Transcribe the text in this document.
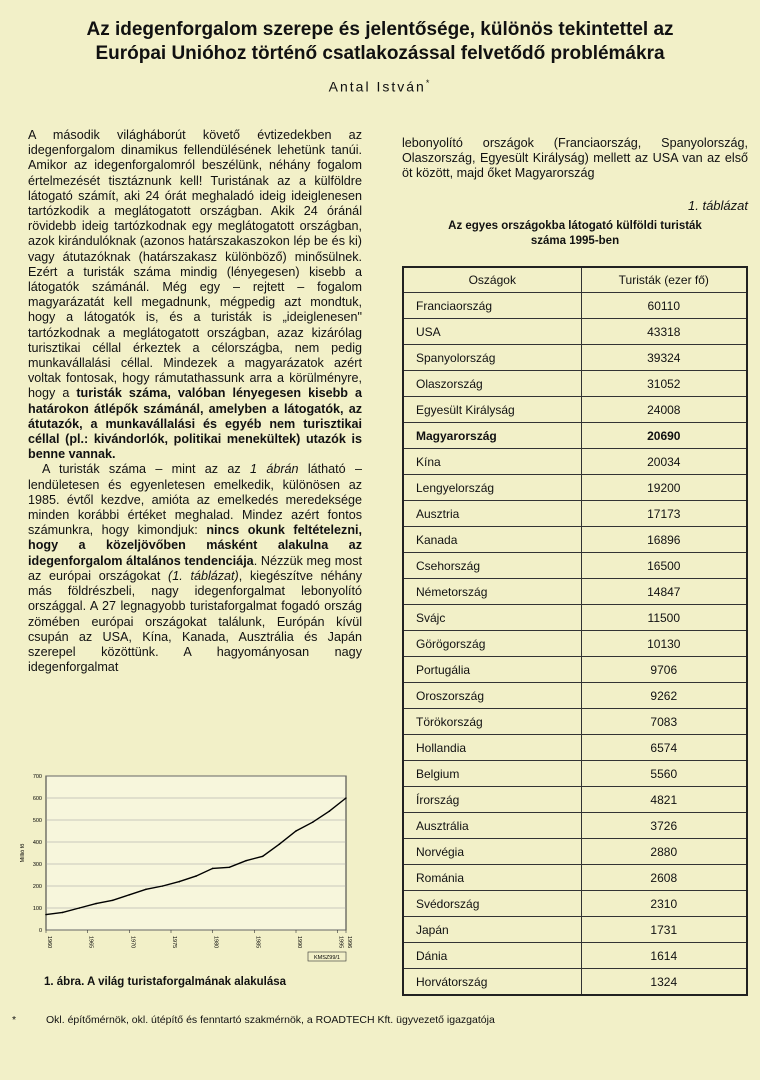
Az idegenforgalom szerepe és jelentősége, különös tekintettel az
Európai Unióhoz történő csatlakozással felvetődő problémákra
Antal István*

A második világháborút követő évtizedekben az idegenforgalom dinamikus fellendülésének lehetünk tanúi. Amikor az idegenforgalomról beszélünk, néhány fogalom értelmezését tisztáznunk kell! Turistának az a külföldre látogató számít, aki 24 órát meghaladó ideig ideiglenesen tartózkodik a meglátogatott országban. Akik 24 óránál rövidebb ideig tartózkodnak egy meglátogatott országban, azok kirándulóknak (azonos határszakaszokon lép be és ki) vagy átutazóknak (határszakasz különböző) minősülnek. Ezért a turisták száma mindig (lényegesen) kisebb a látogatók számánál. Még egy – rejtett – fogalom magyarázatát kell megadnunk, mégpedig azt mondtuk, hogy a látogatók is, és a turisták is „ideiglenesen" tartózkodnak a meglátogatott országban, azaz kizárólag turisztikai céllal érkeztek a célországba, nem pedig munkavállalási céllal. Mindezek a magyarázatok azért voltak fontosak, hogy rámutathassunk arra a körülményre, hogy a turisták száma, valóban lényegesen kisebb a határokon átlépők számánál, amelyben a látogatók, az átutazók, a munkavállalási és egyéb nem turisztikai céllal (pl.: kivándorlók, politikai menekültek) utazók is benne vannak.

A turisták száma – mint az az 1 ábrán látható – lendületesen és egyenletesen emelkedik, különösen az 1985. évtől kezdve, amióta az emelkedés meredeksége minden korábbi értéket meghalad. Mindez azért fontos számunkra, hogy kimondjuk: nincs okunk feltételezni, hogy a közeljövőben másként alakulna az idegenforgalom általános tendenciája. Nézzük meg most az európai országokat (1. táblázat), kiegészítve néhány más földrészbeli, nagy idegenforgalmat lebonyolító országgal. A 27 legnagyobb turistaforgalmat fogadó ország zömében európai országokat találunk, Európán kívül csupán az USA, Kína, Kanada, Ausztrália és Japán szerepel közöttünk. A hagyományosan nagy idegenforgalmat

lebonyolító országok (Franciaország, Spanyolország, Olaszország, Egyesült Királyság) mellett az USA van az első öt között, majd őket Magyarország
1. táblázat
Az egyes országokba látogató külföldi turisták
száma 1995-ben
Oszágok	Turisták (ezer fő)
Franciaország	60110
USA	43318
Spanyolország	39324
Olaszország	31052
Egyesült Királyság	24008
Magyarország	20690
Kína	20034
Lengyelország	19200
Ausztria	17173
Kanada	16896
Csehország	16500
Németország	14847
Svájc	11500
Görögország	10130
Portugália	9706
Oroszország	9262
Törökország	7083
Hollandia	6574
Belgium	5560
Írország	4821
Ausztrália	3726
Norvégia	2880
Románia	2608
Svédország	2310
Japán	1731
Dánia	1614
Horvátország	1324
0
100
200
300
400
500
600
700
1960	1965	1970	1975	1980	1985	1990	1995 1996
Millió fő
KMSZ99/1
1. ábra. A világ turistaforgalmának alakulása
*	Okl. építőmérnök, okl. útépítő és fenntartó szakmérnök, a ROADTECH Kft. ügyvezető igazgatója
